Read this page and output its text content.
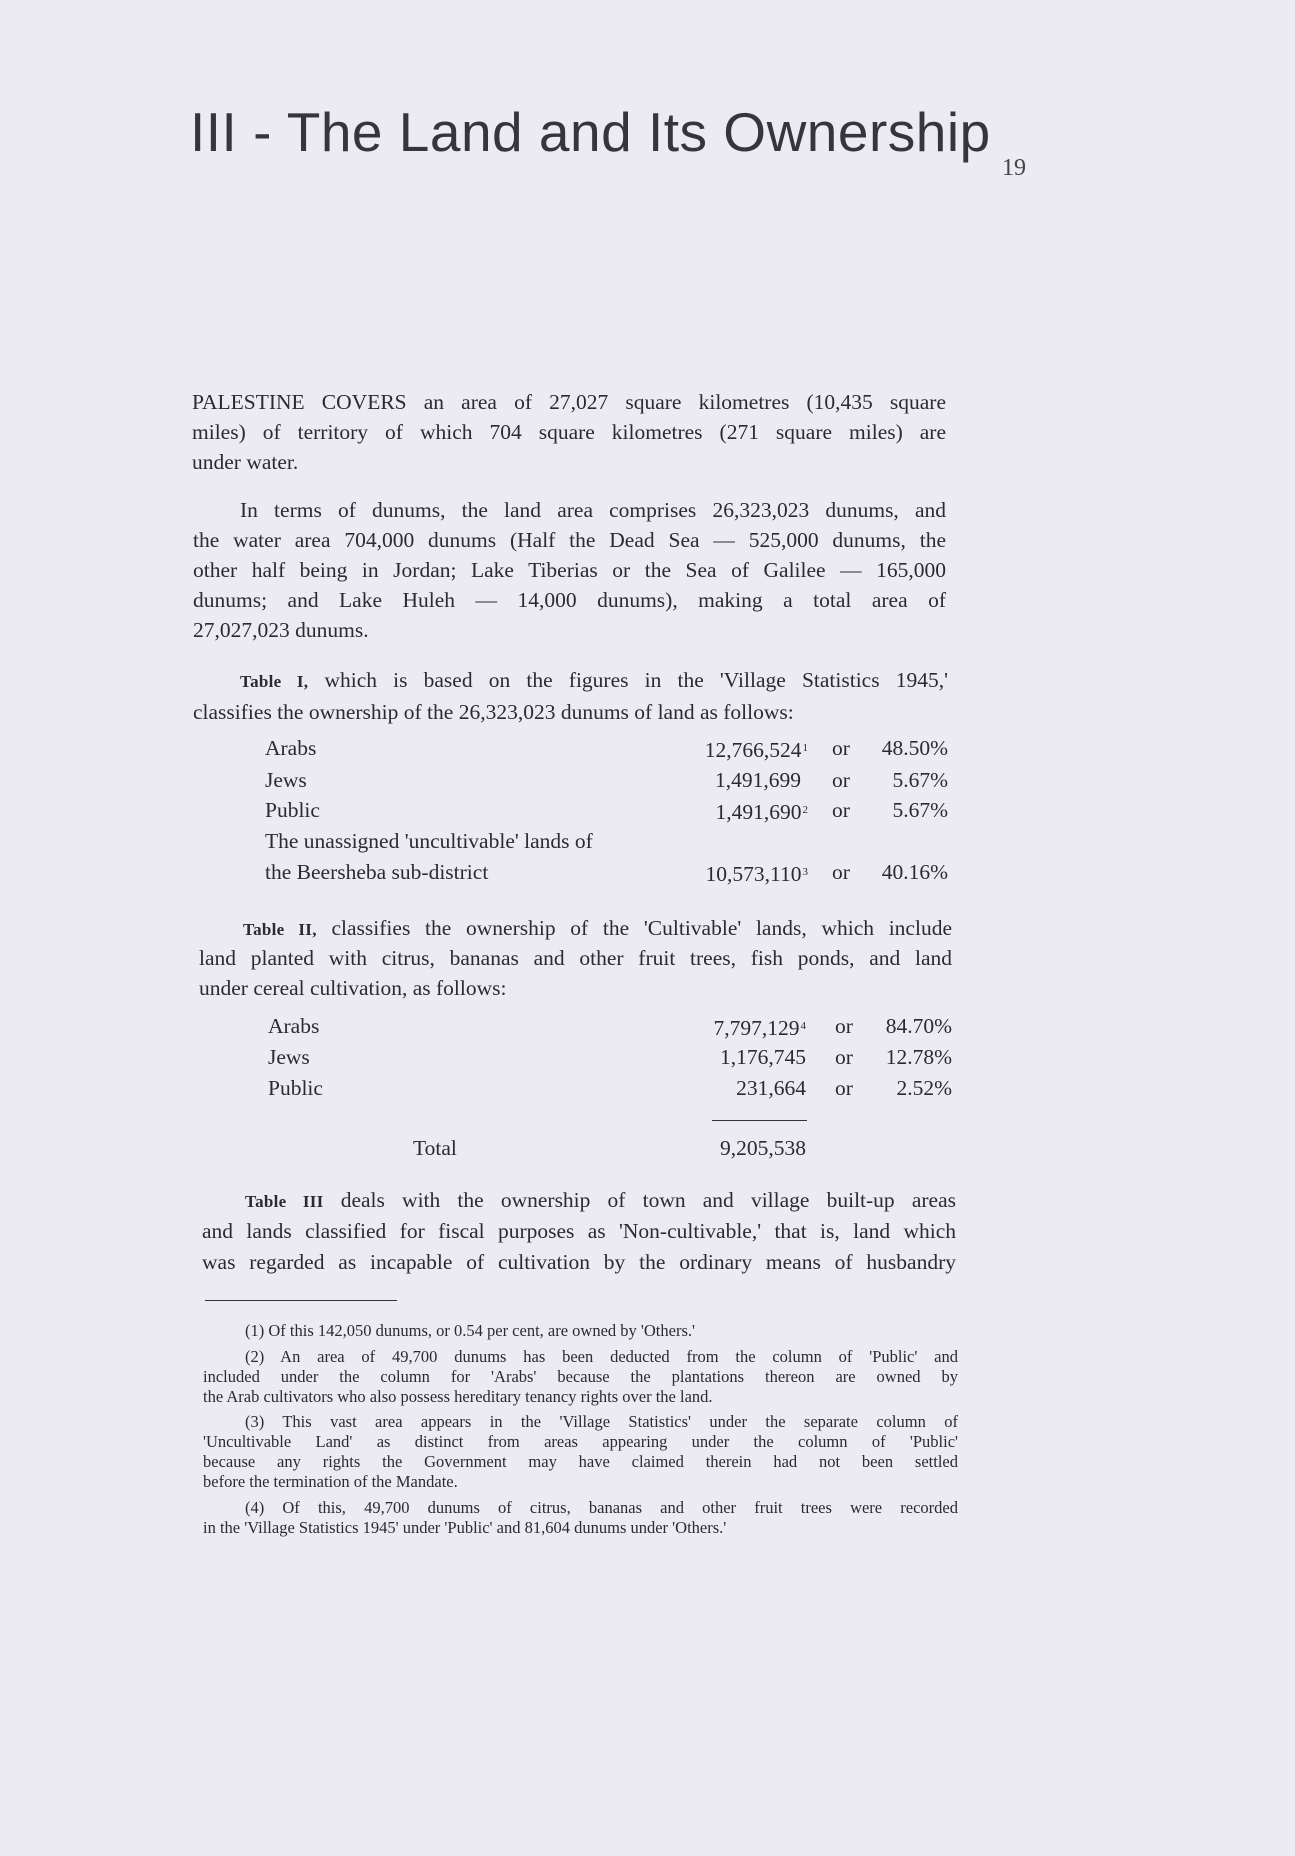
III - The Land and Its Ownership
19
PALESTINE COVERS an area of 27,027 square kilometres (10,435 square
miles) of territory of which 704 square kilometres (271 square miles) are
under water.
In terms of dunums, the land area comprises 26,323,023 dunums, and
the water area 704,000 dunums (Half the Dead Sea — 525,000 dunums, the
other half being in Jordan; Lake Tiberias or the Sea of Galilee — 165,000
dunums; and Lake Huleh — 14,000 dunums), making a total area of
27,027,023 dunums.
Table I, which is based on the figures in the 'Village Statistics 1945,'
classifies the ownership of the 26,323,023 dunums of land as follows:
Arabs	12,766,524$^1$ or 48.50%
Jews	1,491,699 or 5.67%
Public	1,491,690$^2$ or 5.67%
The unassigned 'uncultivable' lands of
the Beersheba sub-district	10,573,110$^3$ or 40.16%
Table II, classifies the ownership of the 'Cultivable' lands, which include
land planted with citrus, bananas and other fruit trees, fish ponds, and land
under cereal cultivation, as follows:
Arabs	7,797,129$^4$ or 84.70%
Jews	1,176,745 or 12.78%
Public	231,664 or 2.52%
Total	9,205,538
Table III deals with the ownership of town and village built-up areas
and lands classified for fiscal purposes as 'Non-cultivable,' that is, land which
was regarded as incapable of cultivation by the ordinary means of husbandry
(1) Of this 142,050 dunums, or 0.54 per cent, are owned by 'Others.'
(2) An area of 49,700 dunums has been deducted from the column of 'Public' and
included under the column for 'Arabs' because the plantations thereon are owned by
the Arab cultivators who also possess hereditary tenancy rights over the land.
(3) This vast area appears in the 'Village Statistics' under the separate column of
'Uncultivable Land' as distinct from areas appearing under the column of 'Public'
because any rights the Government may have claimed therein had not been settled
before the termination of the Mandate.
(4) Of this, 49,700 dunums of citrus, bananas and other fruit trees were recorded
in the 'Village Statistics 1945' under 'Public' and 81,604 dunums under 'Others.'
